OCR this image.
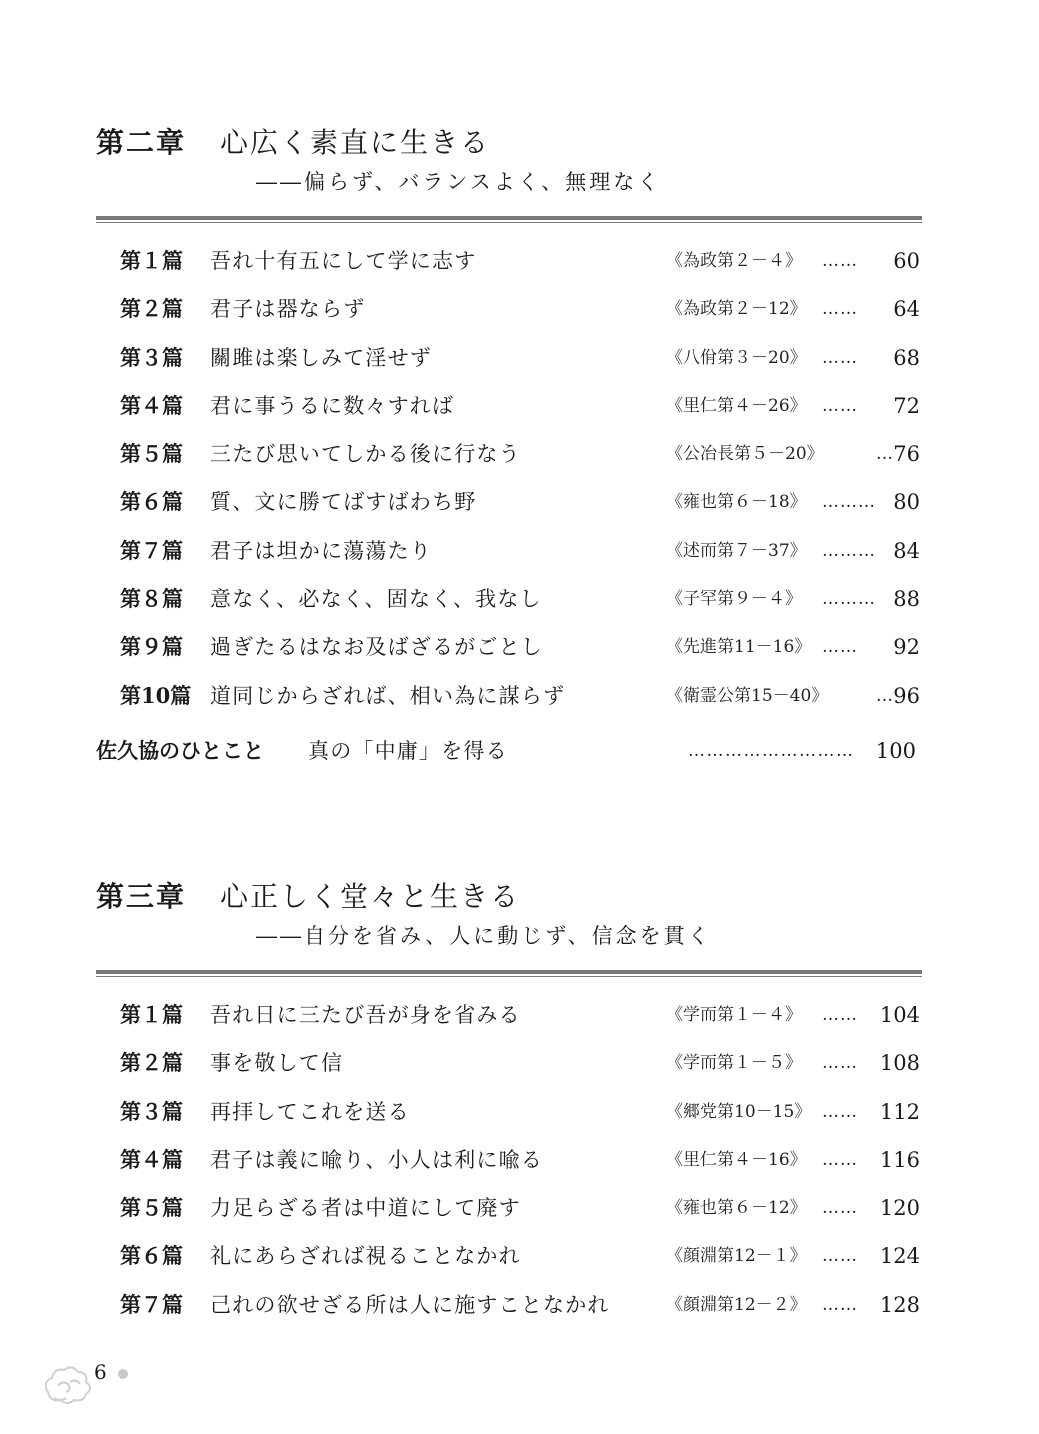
第二章 心広く素直に生きる
――偏らず、バランスよく、無理なく
第１篇 吾れ十有五にして学に志す	《為政第２－４》 …… 60
第２篇 君子は器ならず	《為政第２－12》 …… 64
第３篇 關雎は楽しみて淫せず	《八佾第３－20》 …… 68
第４篇 君に事うるに数々すれば	《里仁第４－26》 …… 72
第５篇 三たび思いてしかる後に行なう	《公冶長第５－20》	… 76
第６篇 質、文に勝てばすばわち野	《雍也第６－18》 ……… 80
第７篇 君子は坦かに蕩蕩たり	《述而第７－37》 ……… 84
第８篇 意なく、必なく、固なく、我なし	《子罕第９－４》 ……… 88
第９篇 過ぎたるはなお及ばざるがごとし	《先進第11－16》 …… 92
第10篇 道同じからざれば、相い為に謀らず	《衛霊公第15－40》	… 96
佐久協のひとこと 真の「中庸」を得る	……………………… 100
第三章 心正しく堂々と生きる
――自分を省み、人に動じず、信念を貫く
第１篇 吾れ日に三たび吾が身を省みる	《学而第１－４》 …… 104
第２篇 事を敬して信	《学而第１－５》 …… 108
第３篇 再拝してこれを送る	《郷党第10－15》 …… 112
第４篇 君子は義に喩り、小人は利に喩る	《里仁第４－16》 …… 116
第５篇 力足らざる者は中道にして廃す	《雍也第６－12》 …… 120
第６篇 礼にあらざれば視ることなかれ	《顔淵第12－１》 …… 124
第７篇 己れの欲せざる所は人に施すことなかれ	《顔淵第12－２》 …… 128
6
